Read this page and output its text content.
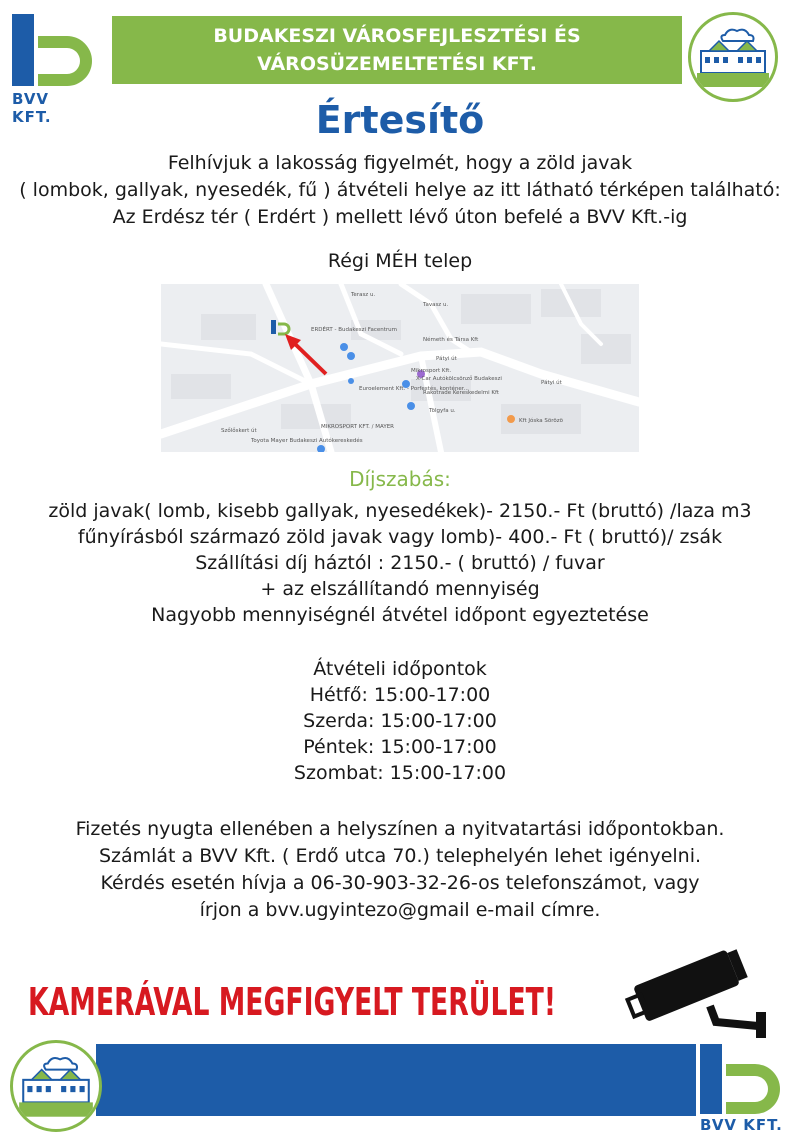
BVV KFT.
BUDAKESZI VÁROSFEJLESZTÉSI ÉS
VÁROSÜZEMELTETÉSI KFT.
Értesítő
Felhívjuk a lakosság figyelmét, hogy a zöld javak
( lombok, gallyak, nyesedék, fű ) átvételi helye az itt látható térképen található:
Az Erdész tér ( Erdért ) mellett lévő úton befelé a BVV Kft.-ig
Régi MÉH telep
ERDÉRT - Budakeszi Facentrum
Németh és Társa Kft
Pátyi út
Pátyi út
Mikrosport Kft.
X-Car Autókölcsönző Budakeszi
Rakotrade Kereskedelmi Kft
Euroelement Kft. - Porfestés, konténer...
Kft Jóska Sörözö
Toyota Mayer Budakeszi Autókereskedés
MIKROSPORT KFT. / MAYER
Szőlőskert út
Tavasz u.
Tölgyfa u.
Terasz u.
Díjszabás:
zöld javak( lomb, kisebb gallyak, nyesedékek)- 2150.- Ft (bruttó) /laza m3
fűnyírásból származó zöld javak vagy lomb)- 400.- Ft ( bruttó)/ zsák
Szállítási díj háztól : 2150.- ( bruttó) / fuvar
+ az elszállítandó mennyiség
Nagyobb mennyiségnél átvétel időpont egyeztetése
Átvételi időpontok
Hétfő: 15:00-17:00
Szerda: 15:00-17:00
Péntek: 15:00-17:00
Szombat: 15:00-17:00
Fizetés nyugta ellenében a helyszínen a nyitvatartási időpontokban.
Számlát a BVV Kft. ( Erdő utca 70.) telephelyén lehet igényelni.
Kérdés esetén hívja a 06-30-903-32-26-os telefonszámot, vagy
írjon a bvv.ugyintezo@gmail e-mail címre.
KAMERÁVAL MEGFIGYELT TERÜLET!
BVV KFT.
